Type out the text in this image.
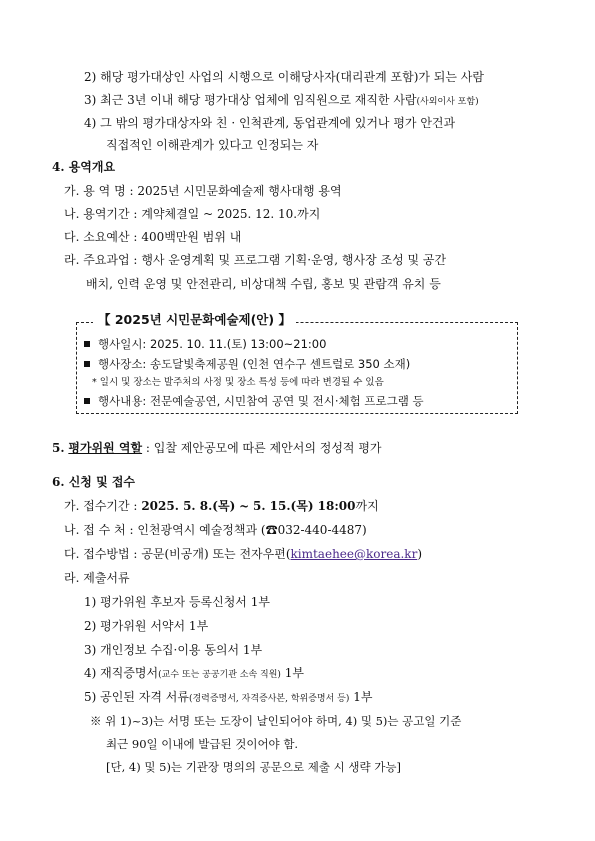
2) 해당 평가대상인 사업의 시행으로 이해당사자(대리관계 포함)가 되는 사람
3) 최근 3년 이내 해당 평가대상 업체에 임직원으로 재직한 사람(사외이사 포함)
4) 그 밖의 평가대상자와 친 · 인척관계, 동업관계에 있거나 평가 안건과
직접적인 이해관계가 있다고 인정되는 자
4. 용역개요
가. 용 역 명 : 2025년 시민문화예술제 행사대행 용역
나. 용역기간 : 계약체결일 ~ 2025. 12. 10.까지
다. 소요예산 : 400백만원 범위 내
라. 주요과업 : 행사 운영계획 및 프로그램 기획·운영, 행사장 조성 및 공간
배치, 인력 운영 및 안전관리, 비상대책 수립, 홍보 및 관람객 유치 등
【 2025년 시민문화예술제(안) 】
행사일시: 2025. 10. 11.(토) 13:00~21:00
행사장소: 송도달빛축제공원 (인천 연수구 센트럴로 350 소재)
* 일시 및 장소는 발주처의 사정 및 장소 특성 등에 따라 변경될 수 있음
행사내용: 전문예술공연, 시민참여 공연 및 전시·체험 프로그램 등
5. 평가위원 역할 : 입찰 제안공모에 따른 제안서의 정성적 평가
6. 신청 및 접수
가. 접수기간 : 2025. 5. 8.(목) ~ 5. 15.(목) 18:00까지
나. 접 수 처 : 인천광역시 예술정책과 (☎032-440-4487)
다. 접수방법 : 공문(비공개) 또는 전자우편(kimtaehee@korea.kr)
라. 제출서류
1) 평가위원 후보자 등록신청서 1부
2) 평가위원 서약서 1부
3) 개인정보 수집·이용 동의서 1부
4) 재직증명서(교수 또는 공공기관 소속 직원) 1부
5) 공인된 자격 서류(경력증명서, 자격증사본, 학위증명서 등) 1부
※ 위 1)~3)는 서명 또는 도장이 날인되어야 하며, 4) 및 5)는 공고일 기준
최근 90일 이내에 발급된 것이어야 함.
[단, 4) 및 5)는 기관장 명의의 공문으로 제출 시 생략 가능]
